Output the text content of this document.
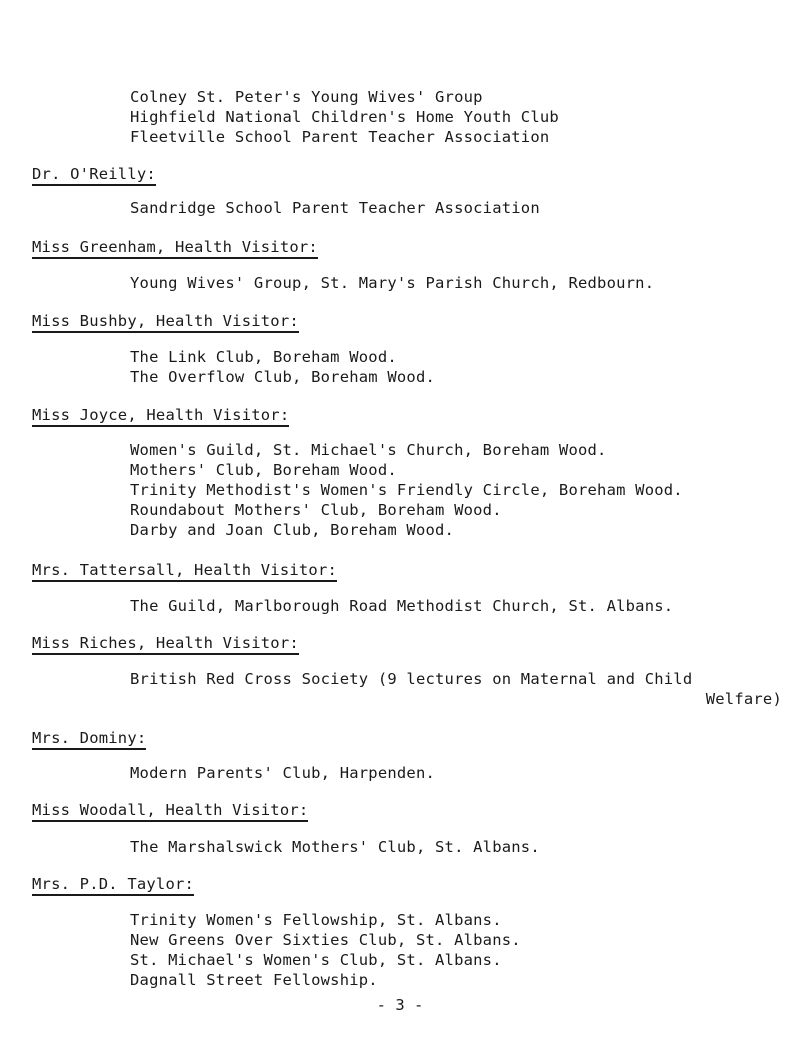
Colney St. Peter's Young Wives' Group
Highfield National Children's Home Youth Club
Fleetville School Parent Teacher Association
Dr. O'Reilly:
Sandridge School Parent Teacher Association
Miss Greenham, Health Visitor:
Young Wives' Group, St. Mary's Parish Church, Redbourn.
Miss Bushby, Health Visitor:
The Link Club, Boreham Wood.
The Overflow Club, Boreham Wood.
Miss Joyce, Health Visitor:
Women's Guild, St. Michael's Church, Boreham Wood.
Mothers' Club, Boreham Wood.
Trinity Methodist's Women's Friendly Circle, Boreham Wood.
Roundabout Mothers' Club, Boreham Wood.
Darby and Joan Club, Boreham Wood.
Mrs. Tattersall, Health Visitor:
The Guild, Marlborough Road Methodist Church, St. Albans.
Miss Riches, Health Visitor:
British Red Cross Society (9 lectures on Maternal and Child
Welfare)
Mrs. Dominy:
Modern Parents' Club, Harpenden.
Miss Woodall, Health Visitor:
The Marshalswick Mothers' Club, St. Albans.
Mrs. P.D. Taylor:
Trinity Women's Fellowship, St. Albans.
New Greens Over Sixties Club, St. Albans.
St. Michael's Women's Club, St. Albans.
Dagnall Street Fellowship.
- 3 -
